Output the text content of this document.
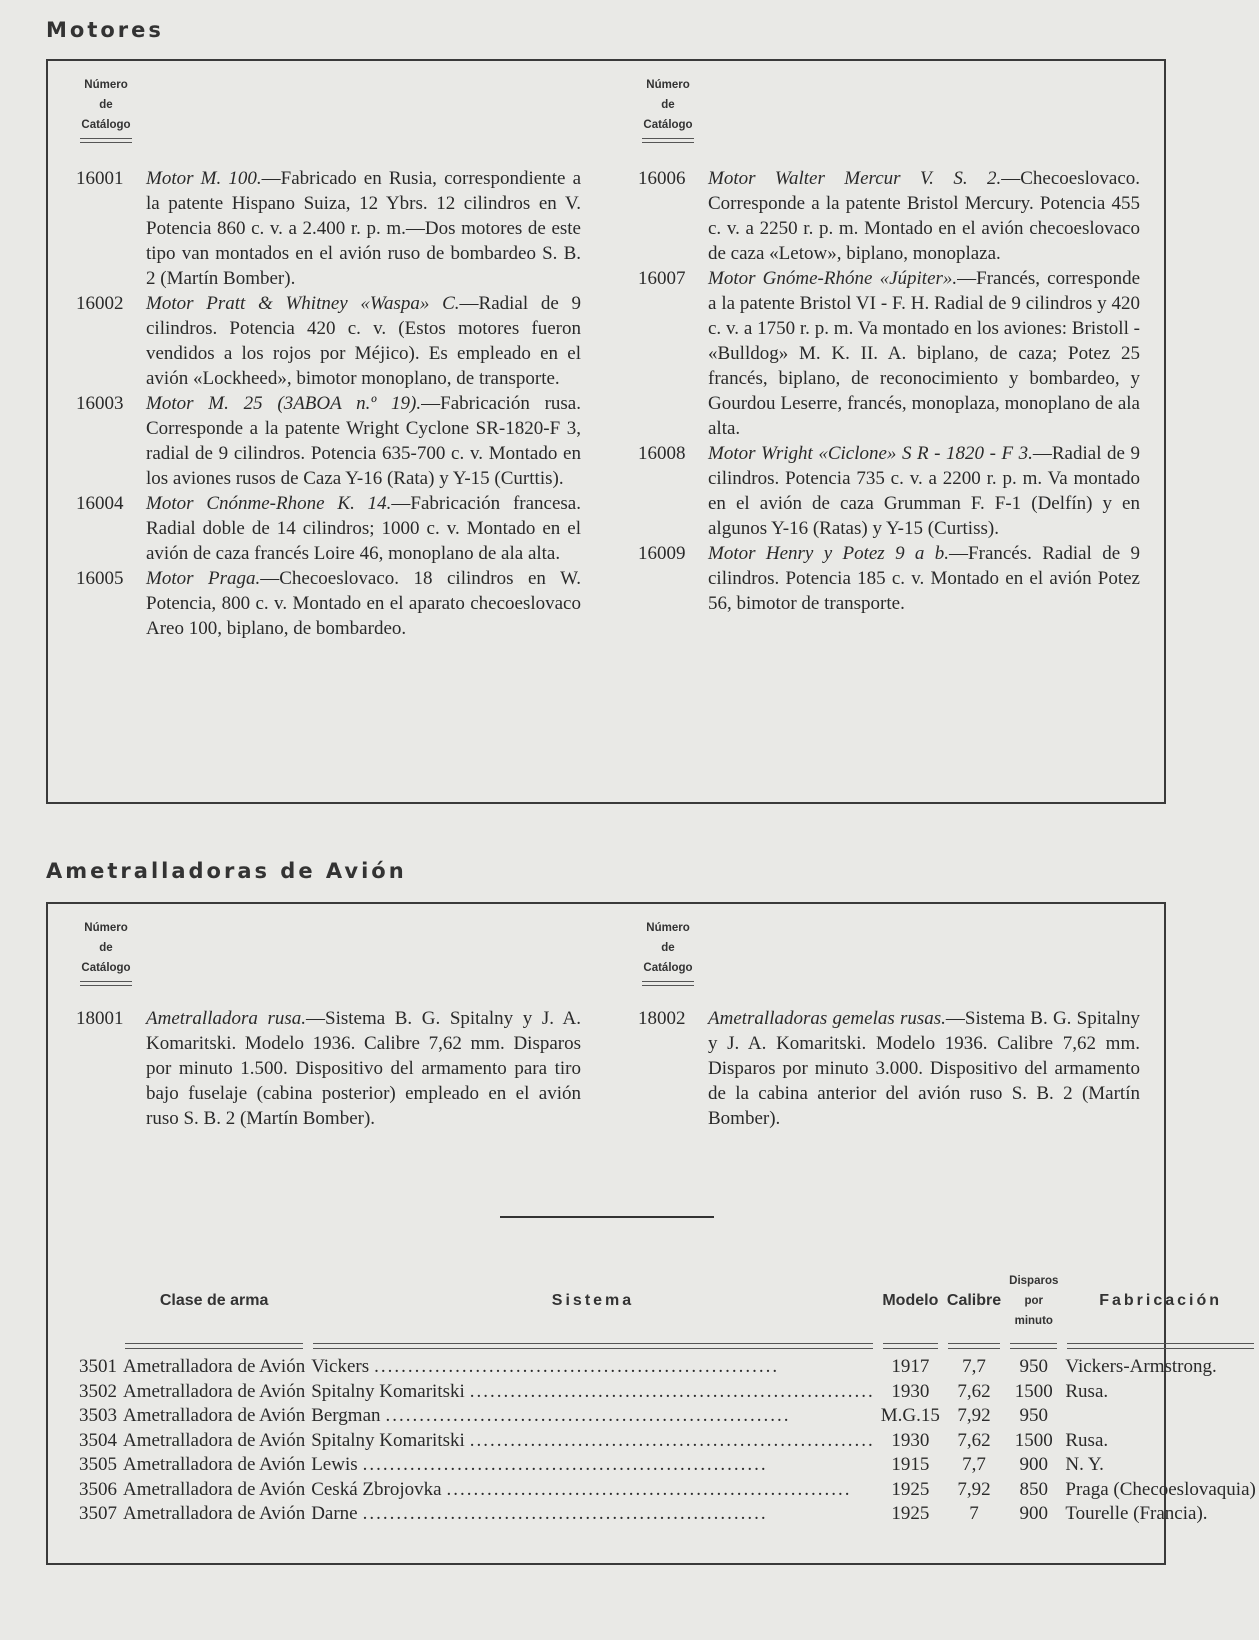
Motores
Número
de
Catálogo
Número
de
Catálogo
16001 Motor M. 100.—Fabricado en Rusia, correspondiente a la patente Hispano Suiza, 12 Ybrs. 12 cilindros en V. Potencia 860 c. v. a 2.400 r. p. m.—Dos motores de este tipo van montados en el avión ruso de bombardeo S. B. 2 (Martín Bomber).
16002 Motor Pratt & Whitney «Waspa» C.—Radial de 9 cilindros. Potencia 420 c. v. (Estos motores fueron vendidos a los rojos por Méjico). Es empleado en el avión «Lockheed», bimotor monoplano, de transporte.
16003 Motor M. 25 (3ABOA n.º 19).—Fabricación rusa. Corresponde a la patente Wright Cyclone SR-1820-F 3, radial de 9 cilindros. Potencia 635-700 c. v. Montado en los aviones rusos de Caza Y-16 (Rata) y Y-15 (Curttis).
16004 Motor Cnónme-Rhone K. 14.—Fabricación francesa. Radial doble de 14 cilindros; 1000 c. v. Montado en el avión de caza francés Loire 46, monoplano de ala alta.
16005 Motor Praga.—Checoeslovaco. 18 cilindros en W. Potencia, 800 c. v. Montado en el aparato checoeslovaco Areo 100, biplano, de bombardeo.
16006 Motor Walter Mercur V. S. 2.—Checoeslovaco. Corresponde a la patente Bristol Mercury. Potencia 455 c. v. a 2250 r. p. m. Montado en el avión checoeslovaco de caza «Letow», biplano, monoplaza.
16007 Motor Gnóme-Rhóne «Júpiter».—Francés, corresponde a la patente Bristol VI - F. H. Radial de 9 cilindros y 420 c. v. a 1750 r. p. m. Va montado en los aviones: Bristoll - «Bulldog» M. K. II. A. biplano, de caza; Potez 25 francés, biplano, de reconocimiento y bombardeo, y Gourdou Leserre, francés, monoplaza, monoplano de ala alta.
16008 Motor Wright «Ciclone» S R - 1820 - F 3.—Radial de 9 cilindros. Potencia 735 c. v. a 2200 r. p. m. Va montado en el avión de caza Grumman F. F-1 (Delfín) y en algunos Y-16 (Ratas) y Y-15 (Curtiss).
16009 Motor Henry y Potez 9 a b.—Francés. Radial de 9 cilindros. Potencia 185 c. v. Montado en el avión Potez 56, bimotor de transporte.
Ametralladoras de Avión
Número
de
Catálogo
Número
de
Catálogo
18001 Ametralladora rusa.—Sistema B. G. Spitalny y J. A. Komaritski. Modelo 1936. Calibre 7,62 mm. Disparos por minuto 1.500. Dispositivo del armamento para tiro bajo fuselaje (cabina posterior) empleado en el avión ruso S. B. 2 (Martín Bomber).
18002 Ametralladoras gemelas rusas.—Sistema B. G. Spitalny y J. A. Komaritski. Modelo 1936. Calibre 7,62 mm. Disparos por minuto 3.000. Dispositivo del armamento de la cabina anterior del avión ruso S. B. 2 (Martín Bomber).
	Clase de arma	Sistema	Modelo	Calibre	Disparos
por
minuto	Fabricación

3501	Ametralladora de Avión	Vickers ............................................................	1917	7,7	950	Vickers-Armstrong.
3502	Ametralladora de Avión	Spitalny Komaritski ............................................................	1930	7,62	1500	Rusa.
3503	Ametralladora de Avión	Bergman ............................................................	M.G.15	7,92	950	
3504	Ametralladora de Avión	Spitalny Komaritski ............................................................	1930	7,62	1500	Rusa.
3505	Ametralladora de Avión	Lewis ............................................................	1915	7,7	900	N. Y.
3506	Ametralladora de Avión	Ceská Zbrojovka ............................................................	1925	7,92	850	Praga (Checoeslovaquia)
3507	Ametralladora de Avión	Darne ............................................................	1925	7	900	Tourelle (Francia).
